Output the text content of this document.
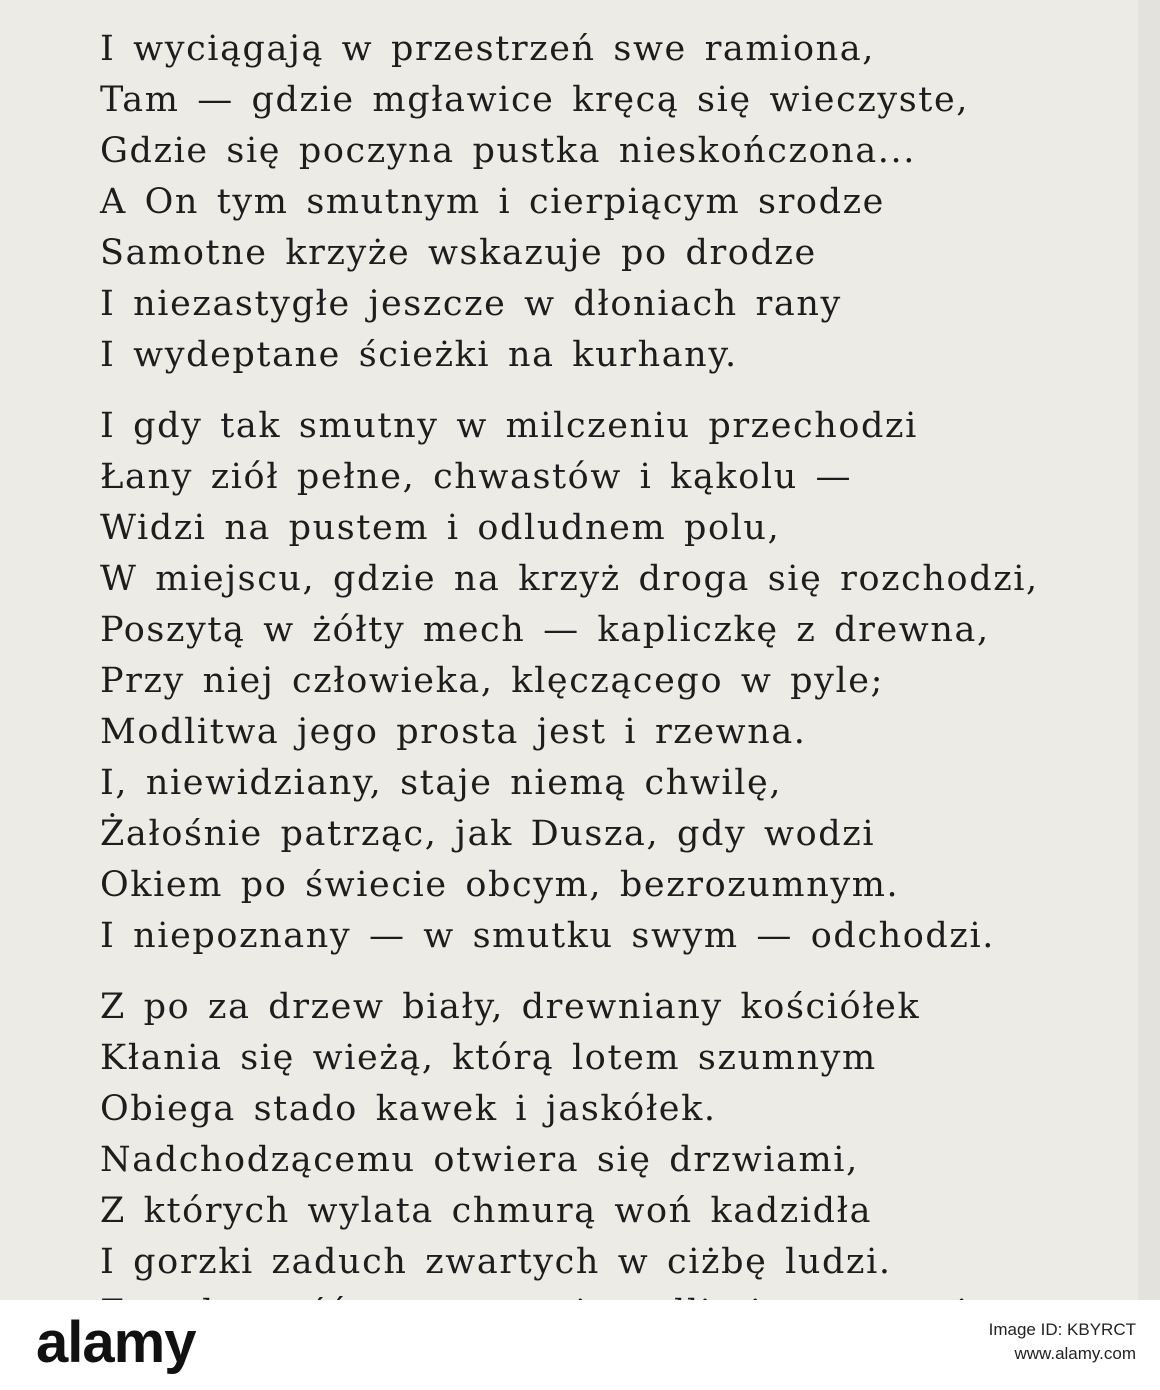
I wyciągają w przestrzeń swe ramiona,
Tam — gdzie mgławice kręcą się wieczyste,
Gdzie się poczyna pustka nieskończona...
A On tym smutnym i cierpiącym srodze
Samotne krzyże wskazuje po drodze
I niezastygłe jeszcze w dłoniach rany
I wydeptane ścieżki na kurhany.
I gdy tak smutny w milczeniu przechodzi
Łany ziół pełne, chwastów i kąkolu —
Widzi na pustem i odludnem polu,
W miejscu, gdzie na krzyż droga się rozchodzi,
Poszytą w żółty mech — kapliczkę z drewna,
Przy niej człowieka, klęczącego w pyle;
Modlitwa jego prosta jest i rzewna.
I, niewidziany, staje niemą chwilę,
Żałośnie patrząc, jak Dusza, gdy wodzi
Okiem po świecie obcym, bezrozumnym.
I niepoznany — w smutku swym — odchodzi.
Z po za drzew biały, drewniany kościółek
Kłania się wieżą, którą lotem szumnym
Obiega stado kawek i jaskółek.
Nadchodzącemu otwiera się drzwiami,
Z których wylata chmurą woń kadzidła
I gorzki zaduch zwartych w ciżbę ludzi.
alamy	Image ID: KBYRCT
www.alamy.com
